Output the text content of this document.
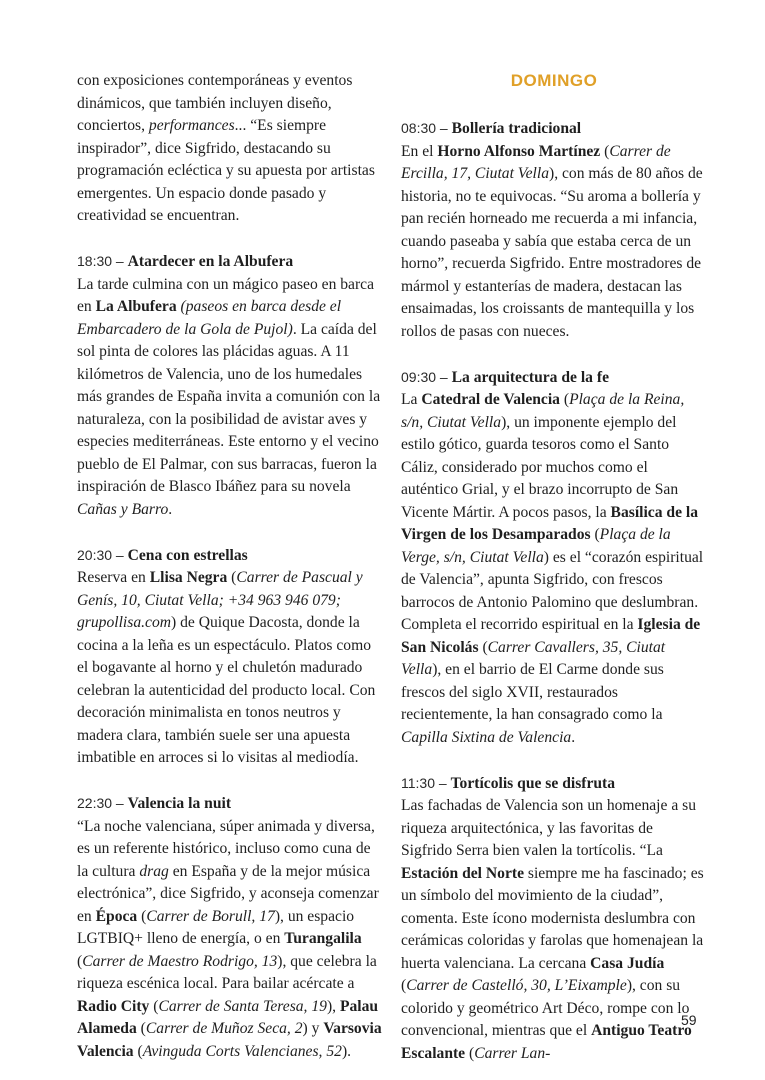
con exposiciones contemporáneas y eventos dinámicos, que también incluyen diseño, conciertos, performances... “Es siempre inspirador”, dice Sigfrido, destacando su programación ecléctica y su apuesta por artistas emergentes. Un espacio donde pasado y creatividad se encuentran.

18:30 – Atardecer en la Albufera

La tarde culmina con un mágico paseo en barca en La Albufera (paseos en barca desde el Embarcadero de la Gola de Pujol). La caída del sol pinta de colores las plácidas aguas. A 11 kilómetros de Valencia, uno de los humedales más grandes de España invita a comunión con la naturaleza, con la posibilidad de avistar aves y especies mediterráneas. Este entorno y el vecino pueblo de El Palmar, con sus barracas, fueron la inspiración de Blasco Ibáñez para su novela Cañas y Barro.

20:30 – Cena con estrellas

Reserva en Llisa Negra (Carrer de Pascual y Genís, 10, Ciutat Vella; +34 963 946 079; grupollisa.com) de Quique Dacosta, donde la cocina a la leña es un espectáculo. Platos como el bogavante al horno y el chuletón madurado celebran la autenticidad del producto local. Con decoración minimalista en tonos neutros y madera clara, también suele ser una apuesta imbatible en arroces si lo visitas al mediodía.

22:30 – Valencia la nuit

“La noche valenciana, súper animada y diversa, es un referente histórico, incluso como cuna de la cultura drag en España y de la mejor música electrónica”, dice Sigfrido, y aconseja comenzar en Época (Carrer de Borull, 17), un espacio LGTBIQ+ lleno de energía, o en Turangalila (Carrer de Maestro Rodrigo, 13), que celebra la riqueza escénica local. Para bailar acércate a Radio City (Carrer de Santa Teresa, 19), Palau Alameda (Carrer de Muñoz Seca, 2) y Varsovia Valencia (Avinguda Corts Valencianes, 52).

DOMINGO

08:30 – Bollería tradicional

En el Horno Alfonso Martínez (Carrer de Ercilla, 17, Ciutat Vella), con más de 80 años de historia, no te equivocas. “Su aroma a bollería y pan recién horneado me recuerda a mi infancia, cuando paseaba y sabía que estaba cerca de un horno”, recuerda Sigfrido. Entre mostradores de mármol y estanterías de madera, destacan las ensaimadas, los croissants de mantequilla y los rollos de pasas con nueces.

09:30 – La arquitectura de la fe

La Catedral de Valencia (Plaça de la Reina, s/n, Ciutat Vella), un imponente ejemplo del estilo gótico, guarda tesoros como el Santo Cáliz, considerado por muchos como el auténtico Grial, y el brazo incorrupto de San Vicente Mártir. A pocos pasos, la Basílica de la Virgen de los Desamparados (Plaça de la Verge, s/n, Ciutat Vella) es el “corazón espiritual de Valencia”, apunta Sigfrido, con frescos barrocos de Antonio Palomino que deslumbran. Completa el recorrido espiritual en la Iglesia de San Nicolás (Carrer Cavallers, 35, Ciutat Vella), en el barrio de El Carme donde sus frescos del siglo XVII, restaurados recientemente, la han consagrado como la Capilla Sixtina de Valencia.

11:30 – Tortícolis que se disfruta

Las fachadas de Valencia son un homenaje a su riqueza arquitectónica, y las favoritas de Sigfrido Serra bien valen la tortícolis. “La Estación del Norte siempre me ha fascinado; es un símbolo del movimiento de la ciudad”, comenta. Este ícono modernista deslumbra con cerámicas coloridas y farolas que homenajean la huerta valenciana. La cercana Casa Judía (Carrer de Castelló, 30, L’Eixample), con su colorido y geométrico Art Déco, rompe con lo convencional, mientras que el Antiguo Teatro Escalante (Carrer Lan-

59
